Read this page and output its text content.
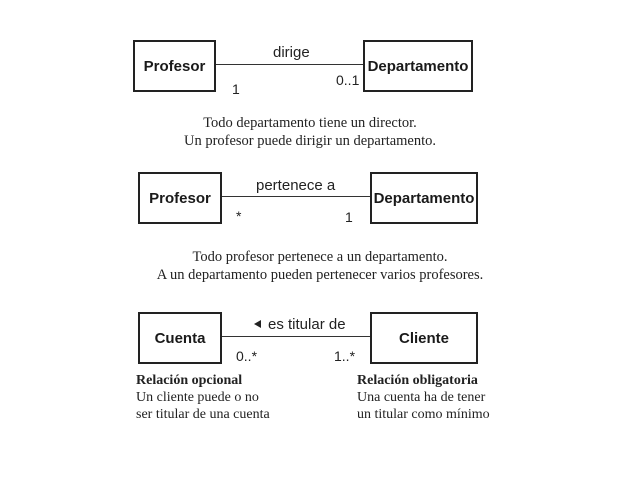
Profesor	Departamento
dirige
1
0..1
Todo departamento tiene un director.
Un profesor puede dirigir un departamento.
Profesor	Departamento
pertenece a
*	1
Todo profesor pertenece a un departamento.
A un departamento pueden pertenecer varios profesores.
Cuenta	Cliente
es titular de
0..*	1..*
Relación opcional
Un cliente puede o no
ser titular de una cuenta
Relación obligatoria
Una cuenta ha de tener
un titular como mínimo
